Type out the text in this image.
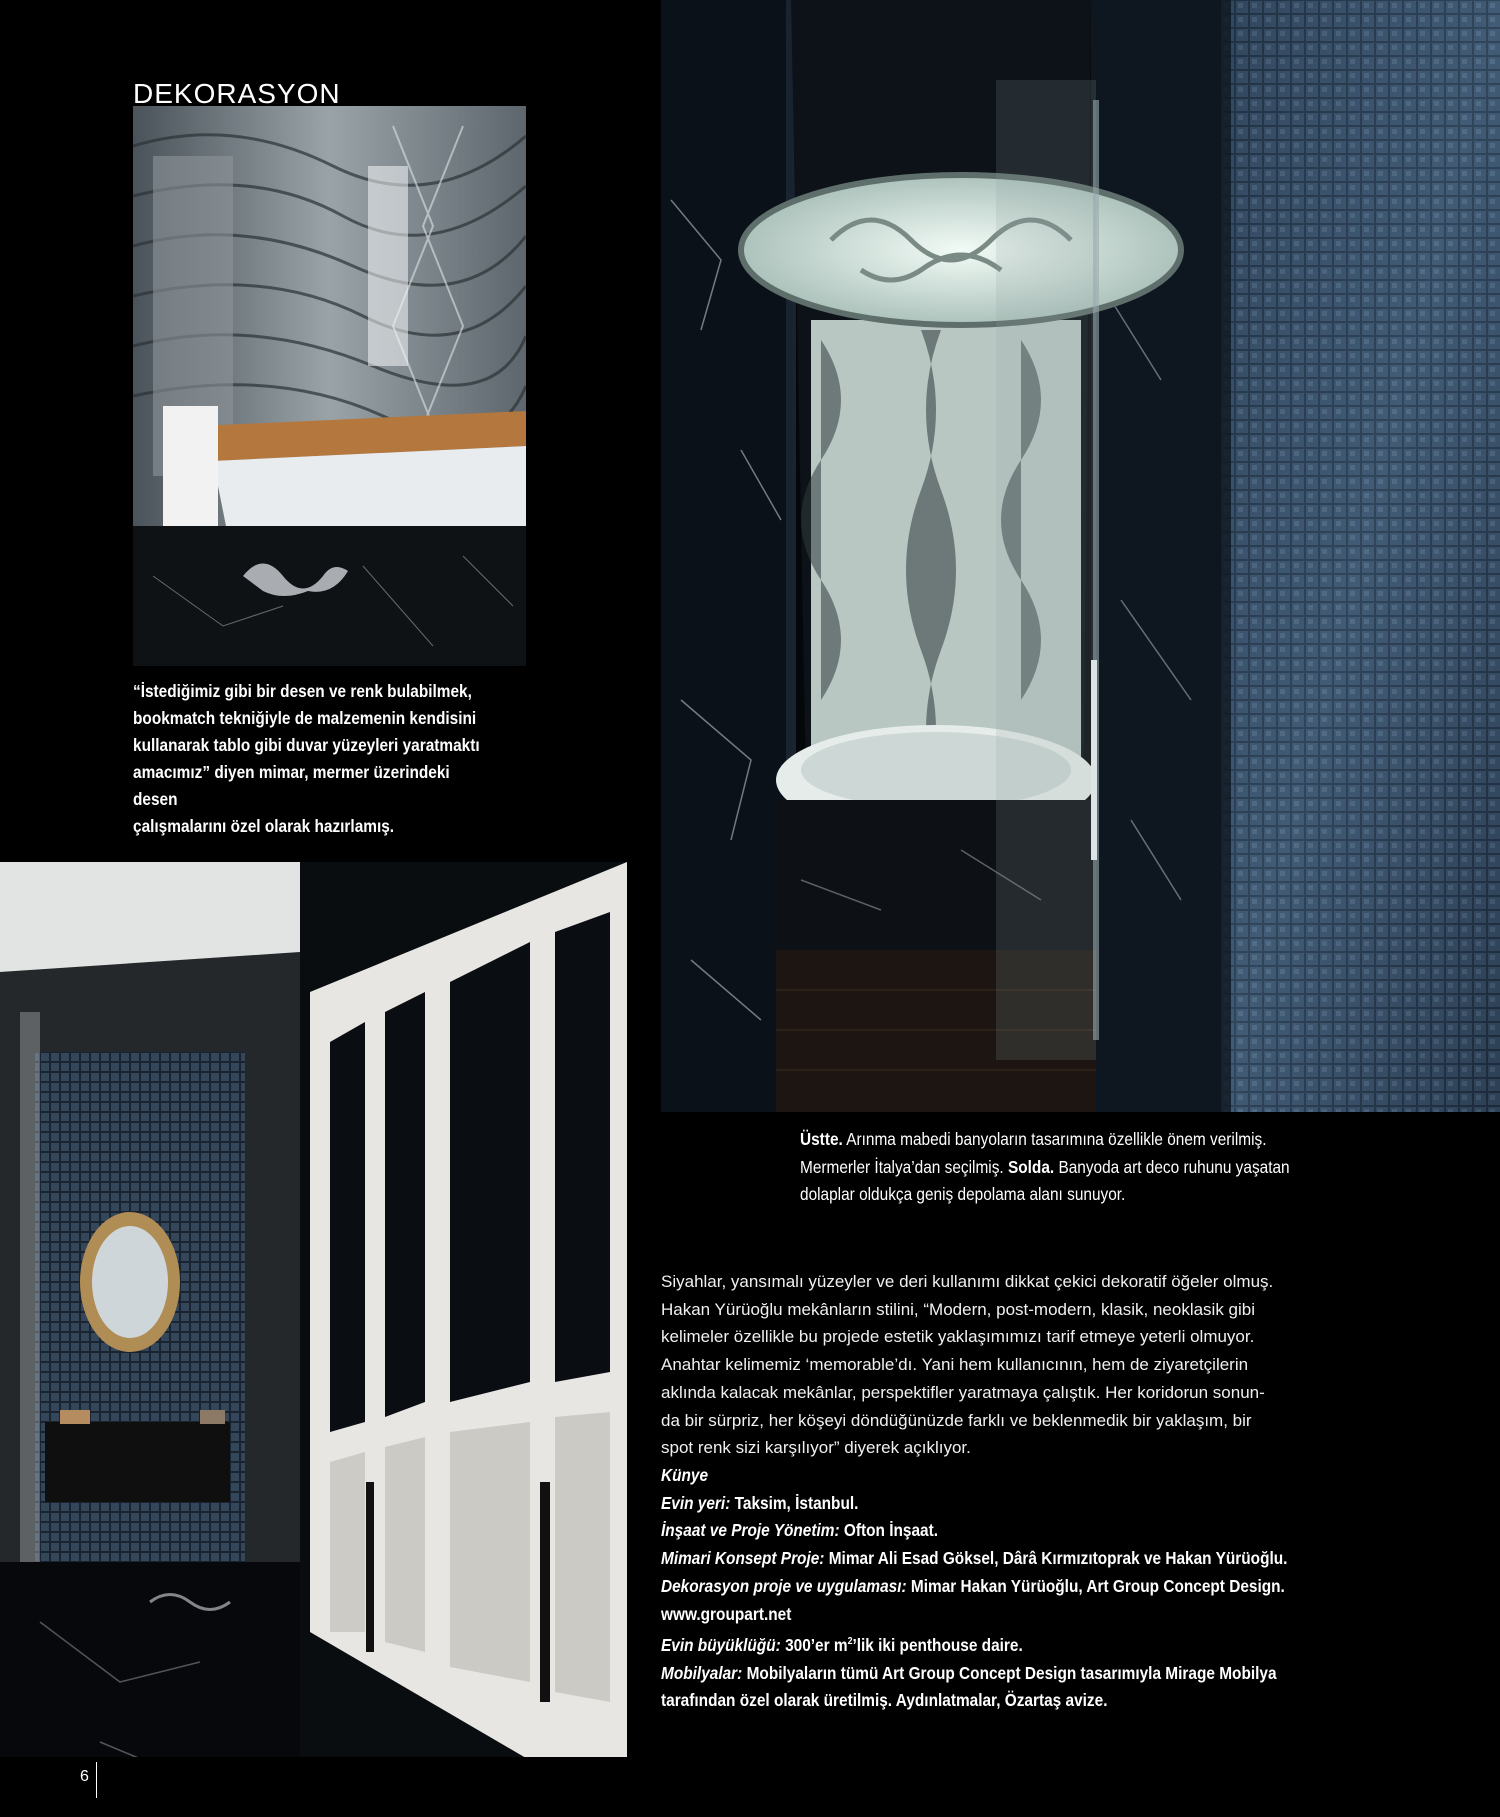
DEKORASYON
“İstediğimiz gibi bir desen ve renk bulabilmek,
bookmatch tekniğiyle de malzemenin kendisini
kullanarak tablo gibi duvar yüzeyleri yaratmaktı
amacımız” diyen mimar, mermer üzerindeki desen
çalışmalarını özel olarak hazırlamış.
Üstte. Arınma mabedi banyoların tasarımına özellikle önem verilmiş.
Mermerler İtalya’dan seçilmiş. Solda. Banyoda art deco ruhunu yaşatan
dolaplar oldukça geniş depolama alanı sunuyor.
Siyahlar, yansımalı yüzeyler ve deri kullanımı dikkat çekici dekoratif öğeler olmuş.
Hakan Yürüoğlu mekânların stilini, “Modern, post-modern, klasik, neoklasik gibi
kelimeler özellikle bu projede estetik yaklaşımımızı tarif etmeye yeterli olmuyor.
Anahtar kelimemiz ‘memorable’dı. Yani hem kullanıcının, hem de ziyaretçilerin
aklında kalacak mekânlar, perspektifler yaratmaya çalıştık. Her koridorun sonun-
da bir sürpriz, her köşeyi döndüğünüzde farklı ve beklenmedik bir yaklaşım, bir
spot renk sizi karşılıyor” diyerek açıklıyor.
Künye
Evin yeri: Taksim, İstanbul.
İnşaat ve Proje Yönetim: Ofton İnşaat.
Mimari Konsept Proje: Mimar Ali Esad Göksel, Dârâ Kırmızıtoprak ve Hakan Yürüoğlu.
Dekorasyon proje ve uygulaması: Mimar Hakan Yürüoğlu, Art Group Concept Design.
www.groupart.net
Evin büyüklüğü: 300’er $m^2’lik$ iki penthouse daire.
Mobilyalar: Mobilyaların tümü Art Group Concept Design tasarımıyla Mirage Mobilya
tarafından özel olarak üretilmiş. Aydınlatmalar, Özartaş avize.
6
